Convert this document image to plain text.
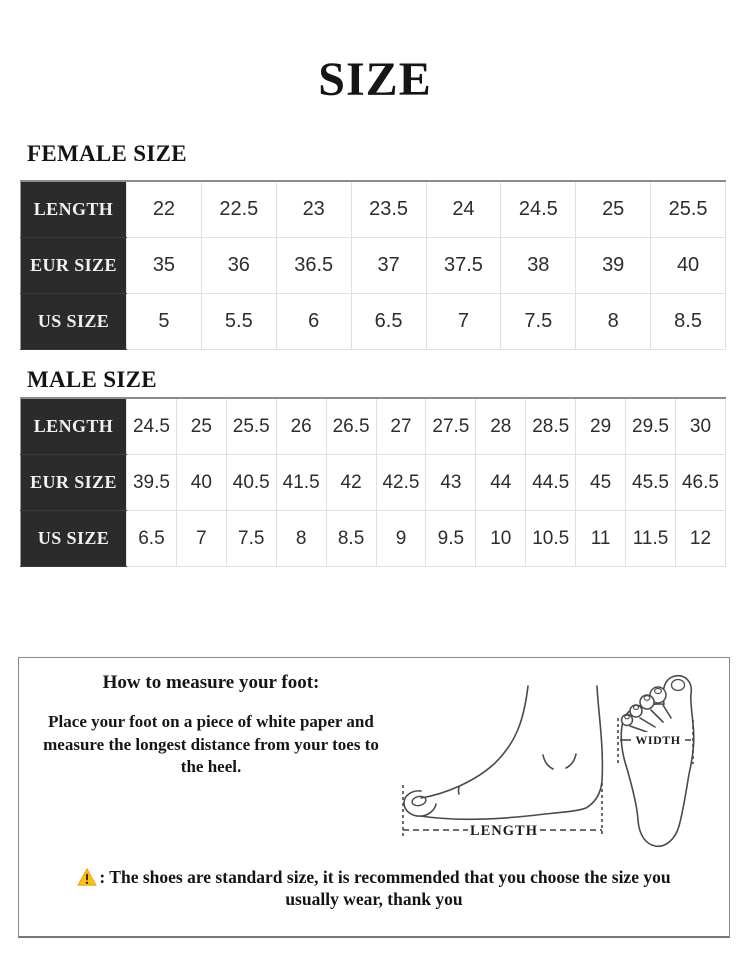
SIZE
FEMALE SIZE
LENGTH	22	22.5	23	23.5	24	24.5	25	25.5
EUR SIZE	35	36	36.5	37	37.5	38	39	40
US SIZE	5	5.5	6	6.5	7	7.5	8	8.5
MALE SIZE
LENGTH	24.5	25	25.5	26	26.5	27	27.5	28	28.5	29	29.5	30
EUR SIZE	39.5	40	40.5	41.5	42	42.5	43	44	44.5	45	45.5	46.5
US SIZE	6.5	7	7.5	8	8.5	9	9.5	10	10.5	11	11.5	12

How to measure your foot:

Place your foot on a piece of white paper and measure the longest distance from your toes to the heel.

LENGTH
WIDTH

: The shoes are standard size, it is recommended that you choose the size you
usually wear, thank you
